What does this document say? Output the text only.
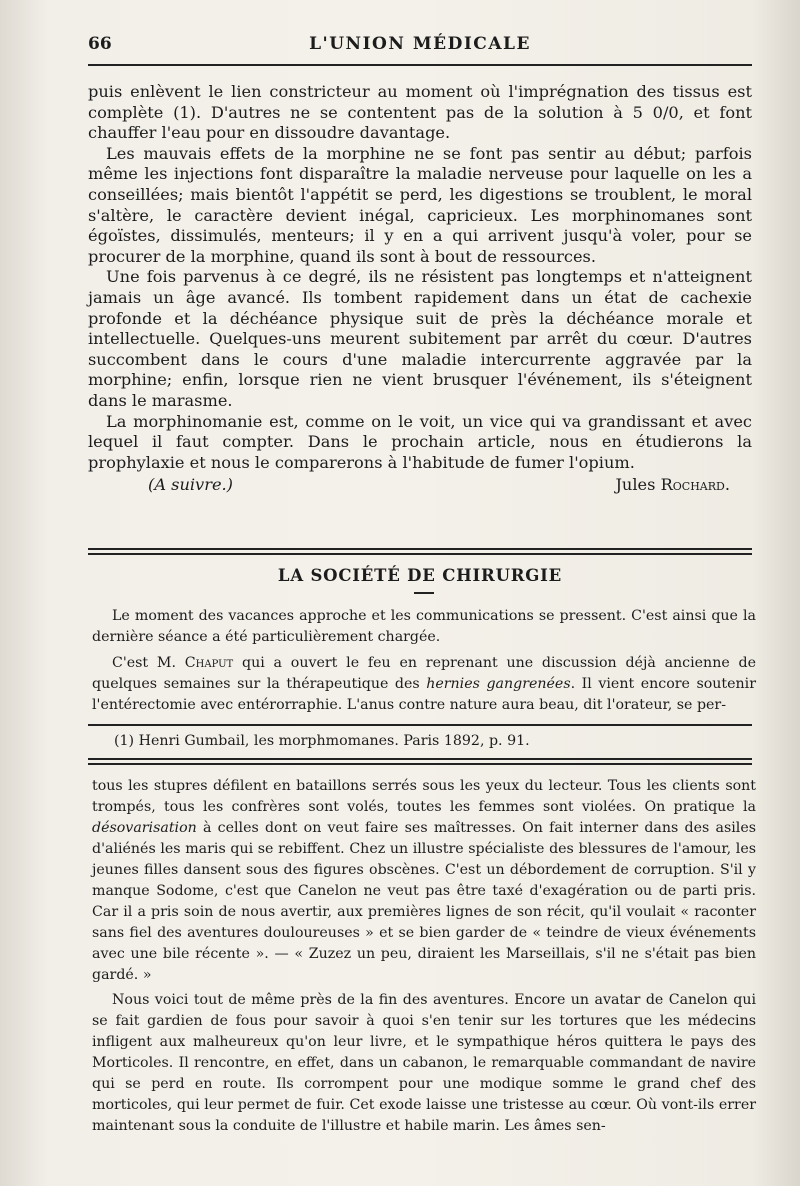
66	L'UNION MÉDICALE

puis enlèvent le lien constricteur au moment où l'imprégnation des tissus est complète (1). D'autres ne se contentent pas de la solution à 5 0/0, et font chauffer l'eau pour en dissoudre davantage.

Les mauvais effets de la morphine ne se font pas sentir au début; parfois même les injections font disparaître la maladie nerveuse pour laquelle on les a conseillées; mais bientôt l'appétit se perd, les digestions se troublent, le moral s'altère, le caractère devient inégal, capricieux. Les morphinomanes sont égoïstes, dissimulés, menteurs; il y en a qui arrivent jusqu'à voler, pour se procurer de la morphine, quand ils sont à bout de ressources.

Une fois parvenus à ce degré, ils ne résistent pas longtemps et n'atteignent jamais un âge avancé. Ils tombent rapidement dans un état de cachexie profonde et la déchéance physique suit de près la déchéance morale et intellectuelle. Quelques-uns meurent subitement par arrêt du cœur. D'autres succombent dans le cours d'une maladie intercurrente aggravée par la morphine; enfin, lorsque rien ne vient brusquer l'événement, ils s'éteignent dans le marasme.

La morphinomanie est, comme on le voit, un vice qui va grandissant et avec lequel il faut compter. Dans le prochain article, nous en étudierons la prophylaxie et nous le comparerons à l'habitude de fumer l'opium.

(A suivre.)	Jules Rochard.
LA SOCIÉTÉ DE CHIRURGIE

Le moment des vacances approche et les communications se pressent. C'est ainsi que la dernière séance a été particulièrement chargée.

C'est M. Chaput qui a ouvert le feu en reprenant une discussion déjà ancienne de quelques semaines sur la thérapeutique des hernies gangrenées. Il vient encore soutenir l'entérectomie avec entérorraphie. L'anus contre nature aura beau, dit l'orateur, se per-

(1) Henri Gumbail, les morphmomanes. Paris 1892, p. 91.

tous les stupres défilent en bataillons serrés sous les yeux du lecteur. Tous les clients sont trompés, tous les confrères sont volés, toutes les femmes sont violées. On pratique la désovarisation à celles dont on veut faire ses maîtresses. On fait interner dans des asiles d'aliénés les maris qui se rebiffent. Chez un illustre spécialiste des blessures de l'amour, les jeunes filles dansent sous des figures obscènes. C'est un débordement de corruption. S'il y manque Sodome, c'est que Canelon ne veut pas être taxé d'exagération ou de parti pris. Car il a pris soin de nous avertir, aux premières lignes de son récit, qu'il voulait « raconter sans fiel des aventures douloureuses » et se bien garder de « teindre de vieux événements avec une bile récente ». — « Zuzez un peu, diraient les Marseillais, s'il ne s'était pas bien gardé. »

Nous voici tout de même près de la fin des aventures. Encore un avatar de Canelon qui se fait gardien de fous pour savoir à quoi s'en tenir sur les tortures que les médecins infligent aux malheureux qu'on leur livre, et le sympathique héros quittera le pays des Morticoles. Il rencontre, en effet, dans un cabanon, le remarquable commandant de navire qui se perd en route. Ils corrompent pour une modique somme le grand chef des morticoles, qui leur permet de fuir. Cet exode laisse une tristesse au cœur. Où vont-ils errer maintenant sous la conduite de l'illustre et habile marin. Les âmes sen-
